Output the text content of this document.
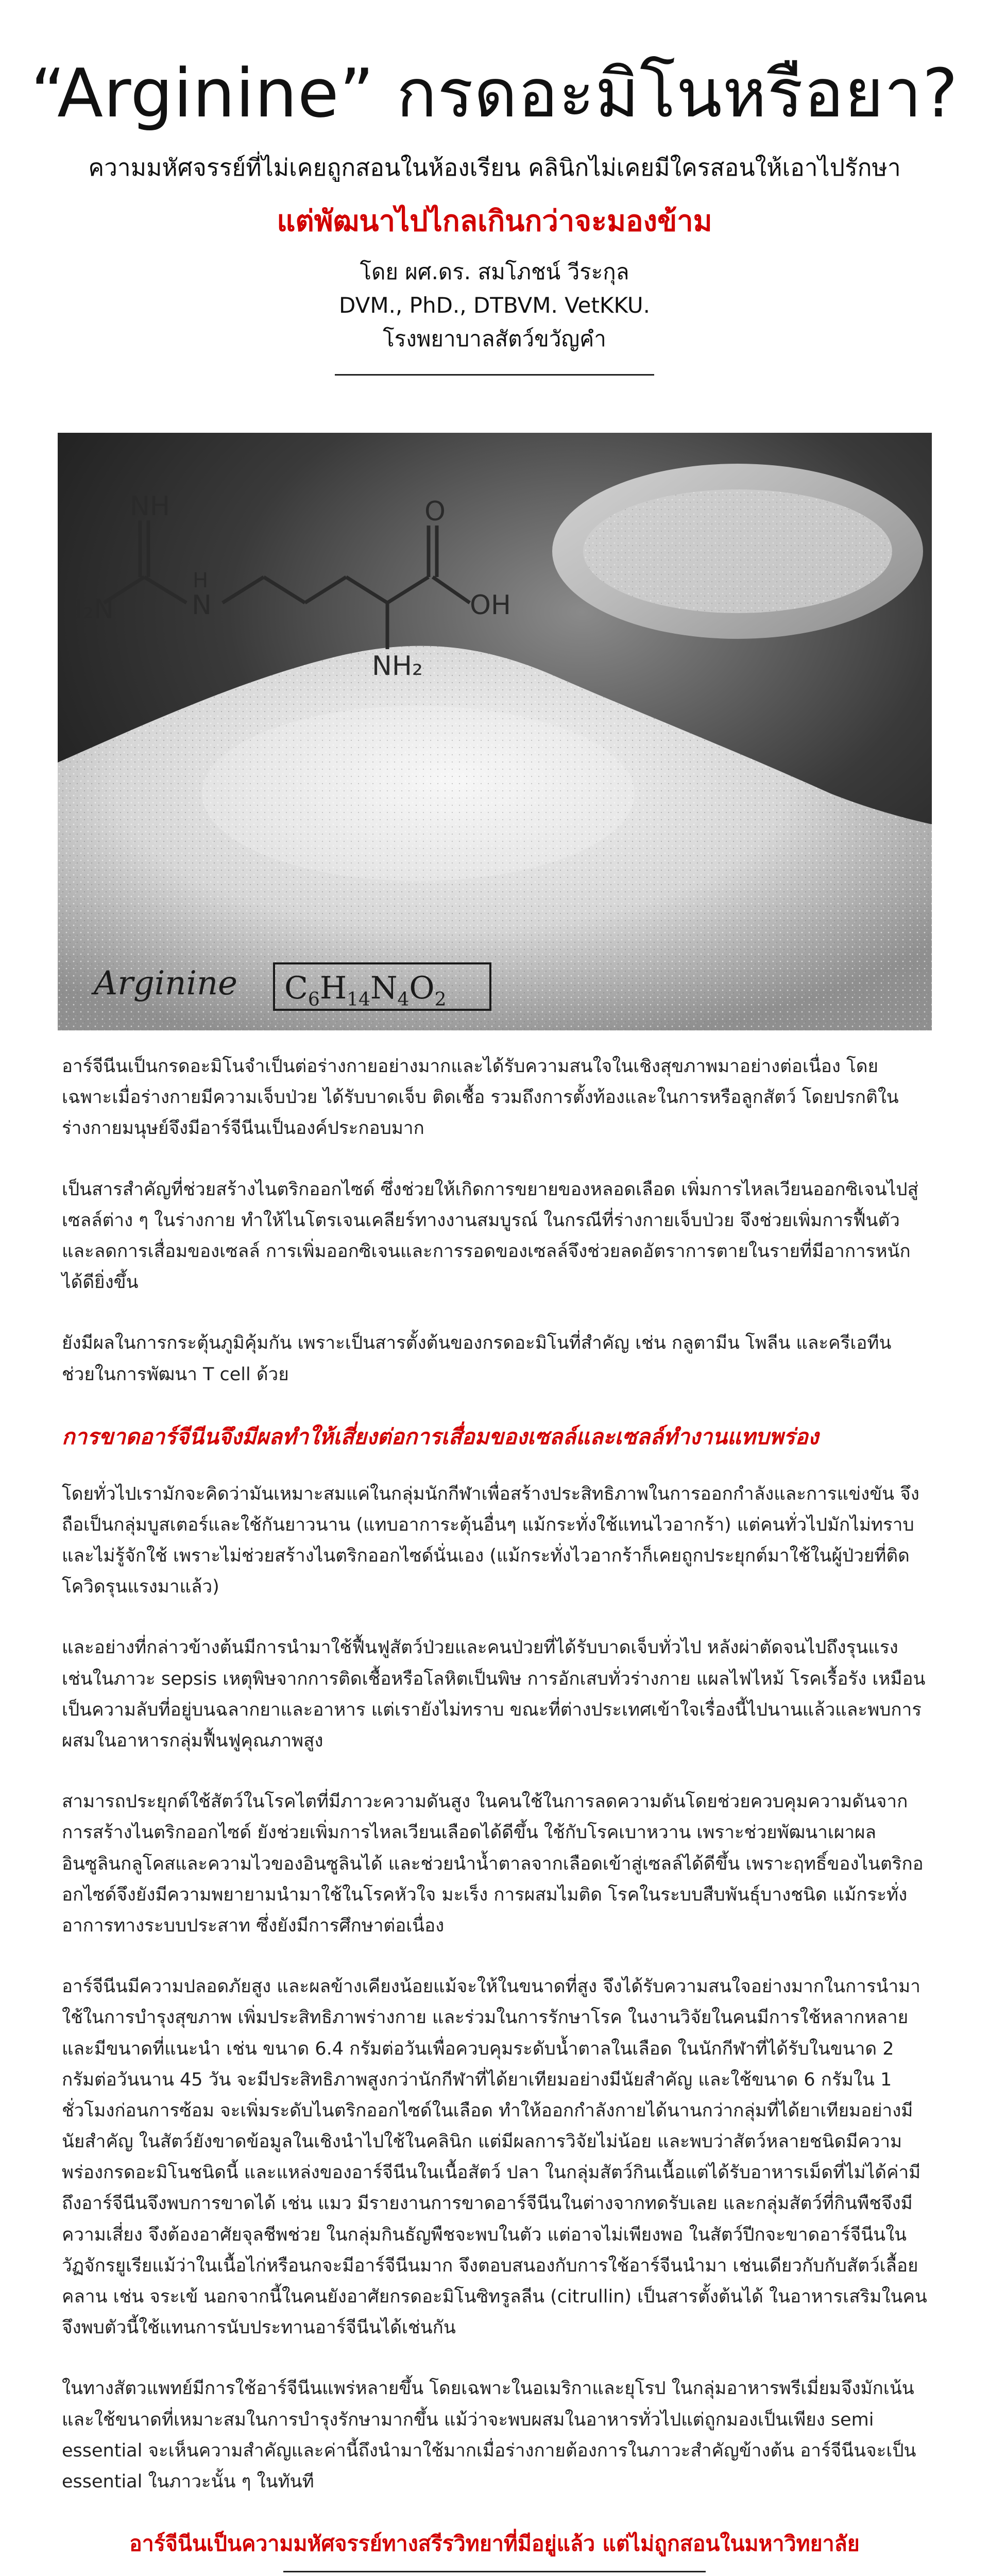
“Arginine” กรดอะมิโนหรือยา?
ความมหัศจรรย์ที่ไม่เคยถูกสอนในห้องเรียน คลินิกไม่เคยมีใครสอนให้เอาไปรักษา
แต่พัฒนาไปไกลเกินกว่าจะมองข้าม
โดย ผศ.ดร. สมโภชน์ วีระกุล
DVM., PhD., DTBVM. VetKKU.
โรงพยาบาลสัตว์ขวัญคำ
NH
H₂N
H
N
O
OH
NH₂
Arginine $C_6H_{14}N_4O_2$

อาร์จีนีนเป็นกรดอะมิโนจำเป็นต่อร่างกายอย่างมากและได้รับความสนใจในเชิงสุขภาพมาอย่างต่อเนื่อง โดยเฉพาะเมื่อร่างกายมีความเจ็บป่วย ได้รับบาดเจ็บ ติดเชื้อ รวมถึงการตั้งท้องและในการหรือลูกสัตว์ โดยปรกติในร่างกายมนุษย์จึงมีอาร์จีนีนเป็นองค์ประกอบมาก

เป็นสารสำคัญที่ช่วยสร้างไนตริกออกไซด์ ซึ่งช่วยให้เกิดการขยายของหลอดเลือด เพิ่มการไหลเวียนออกซิเจนไปสู่เซลล์ต่าง ๆ ในร่างกาย ทำให้ไนโตรเจนเคลียร์ทางงานสมบูรณ์ ในกรณีที่ร่างกายเจ็บป่วย จึงช่วยเพิ่มการฟื้นตัวและลดการเสื่อมของเซลล์ การเพิ่มออกซิเจนและการรอดของเซลล์จึงช่วยลดอัตราการตายในรายที่มีอาการหนักได้ดียิ่งขึ้น

ยังมีผลในการกระตุ้นภูมิคุ้มกัน เพราะเป็นสารตั้งต้นของกรดอะมิโนที่สำคัญ เช่น กลูตามีน โพลีน และครีเอทีน ช่วยในการพัฒนา T cell ด้วย

การขาดอาร์จีนีนจึงมีผลทำให้เสี่ยงต่อการเสื่อมของเซลล์และเซลล์ทำงานแทบพร่อง

โดยทั่วไปเรามักจะคิดว่ามันเหมาะสมแค่ในกลุ่มนักกีฬาเพื่อสร้างประสิทธิภาพในการออกกำลังและการแข่งขัน จึงถือเป็นกลุ่มบูสเตอร์และใช้กันยาวนาน (แทบอาการะตุ้นอื่นๆ แม้กระทั่งใช้แทนไวอากร้า) แต่คนทั่วไปมักไม่ทราบและไม่รู้จักใช้ เพราะไม่ช่วยสร้างไนตริกออกไซด์นั่นเอง (แม้กระทั่งไวอากร้าก็เคยถูกประยุกต์มาใช้ในผู้ป่วยที่ติดโควิดรุนแรงมาแล้ว)

และอย่างที่กล่าวข้างต้นมีการนำมาใช้ฟื้นฟูสัตว์ป่วยและคนป่วยที่ได้รับบาดเจ็บทั่วไป หลังผ่าตัดจนไปถึงรุนแรง เช่นในภาวะ sepsis เหตุพิษจากการติดเชื้อหรือโลหิตเป็นพิษ การอักเสบทั่วร่างกาย แผลไฟไหม้ โรคเรื้อรัง เหมือนเป็นความลับที่อยู่บนฉลากยาและอาหาร แต่เรายังไม่ทราบ ขณะที่ต่างประเทศเข้าใจเรื่องนี้ไปนานแล้วและพบการผสมในอาหารกลุ่มฟื้นฟูคุณภาพสูง

สามารถประยุกต์ใช้สัตว์ในโรคไตที่มีภาวะความดันสูง ในคนใช้ในการลดความดันโดยช่วยควบคุมความดันจากการสร้างไนตริกออกไซด์ ยังช่วยเพิ่มการไหลเวียนเลือดได้ดีขึ้น ใช้กับโรคเบาหวาน เพราะช่วยพัฒนาเผาผลอินซูลินกลูโคสและความไวของอินซูลินได้ และช่วยนำน้ำตาลจากเลือดเข้าสู่เซลล์ได้ดีขึ้น เพราะฤทธิ์ของไนตริกออกไซด์จึงยังมีความพยายามนำมาใช้ในโรคหัวใจ มะเร็ง การผสมไมติด โรคในระบบสืบพันธุ์บางชนิด แม้กระทั่งอาการทางระบบประสาท ซึ่งยังมีการศึกษาต่อเนื่อง

อาร์จีนีนมีความปลอดภัยสูง และผลข้างเคียงน้อยแม้จะให้ในขนาดที่สูง จึงได้รับความสนใจอย่างมากในการนำมาใช้ในการบำรุงสุขภาพ เพิ่มประสิทธิภาพร่างกาย และร่วมในการรักษาโรค ในงานวิจัยในคนมีการใช้หลากหลายและมีขนาดที่แนะนำ เช่น ขนาด 6.4 กรัมต่อวันเพื่อควบคุมระดับน้ำตาลในเลือด ในนักกีฬาที่ได้รับในขนาด 2 กรัมต่อวันนาน 45 วัน จะมีประสิทธิภาพสูงกว่านักกีฬาที่ได้ยาเทียมอย่างมีนัยสำคัญ และใช้ขนาด 6 กรัมใน 1 ชั่วโมงก่อนการซ้อม จะเพิ่มระดับไนตริกออกไซด์ในเลือด ทำให้ออกกำลังกายได้นานกว่ากลุ่มที่ได้ยาเทียมอย่างมีนัยสำคัญ ในสัตว์ยังขาดข้อมูลในเชิงนำไปใช้ในคลินิก แต่มีผลการวิจัยไม่น้อย และพบว่าสัตว์หลายชนิดมีความพร่องกรดอะมิโนชนิดนี้ และแหล่งของอาร์จีนีนในเนื้อสัตว์ ปลา ในกลุ่มสัตว์กินเนื้อแต่ได้รับอาหารเม็ดที่ไม่ได้ค่ามีถึงอาร์จีนีนจึงพบการขาดได้ เช่น แมว มีรายงานการขาดอาร์จีนีนในต่างจากทดรับเลย และกลุ่มสัตว์ที่กินพืชจึงมีความเสี่ยง จึงต้องอาศัยจุลชีพช่วย ในกลุ่มกินธัญพืชจะพบในตัว แต่อาจไม่เพียงพอ ในสัตว์ปีกจะขาดอาร์จีนีนในวัฏจักรยูเรียแม้ว่าในเนื้อไก่หรือนกจะมีอาร์จีนีนมาก จึงตอบสนองกับการใช้อาร์จีนนำมา เช่นเดียวกับกับสัตว์เลื้อยคลาน เช่น จระเข้ นอกจากนี้ในคนยังอาศัยกรดอะมิโนซิทรูลลีน (citrullin) เป็นสารตั้งต้นได้ ในอาหารเสริมในคนจึงพบตัวนี้ใช้แทนการนับประทานอาร์จีนีนได้เช่นกัน

ในทางสัตวแพทย์มีการใช้อาร์จีนีนแพร่หลายขึ้น โดยเฉพาะในอเมริกาและยุโรป ในกลุ่มอาหารพรีเมี่ยมจึงมักเน้นและใช้ขนาดที่เหมาะสมในการบำรุงรักษามากขึ้น แม้ว่าจะพบผสมในอาหารทั่วไปแต่ถูกมองเป็นเพียง semi essential จะเห็นความสำคัญและค่านี้ถึงนำมาใช้มากเมื่อร่างกายต้องการในภาวะสำคัญข้างต้น อาร์จีนีนจะเป็น essential ในภาวะนั้น ๆ ในทันที

อาร์จีนีนเป็นความมหัศจรรย์ทางสรีรวิทยาที่มีอยู่แล้ว แต่ไม่ถูกสอนในมหาวิทยาลัย
